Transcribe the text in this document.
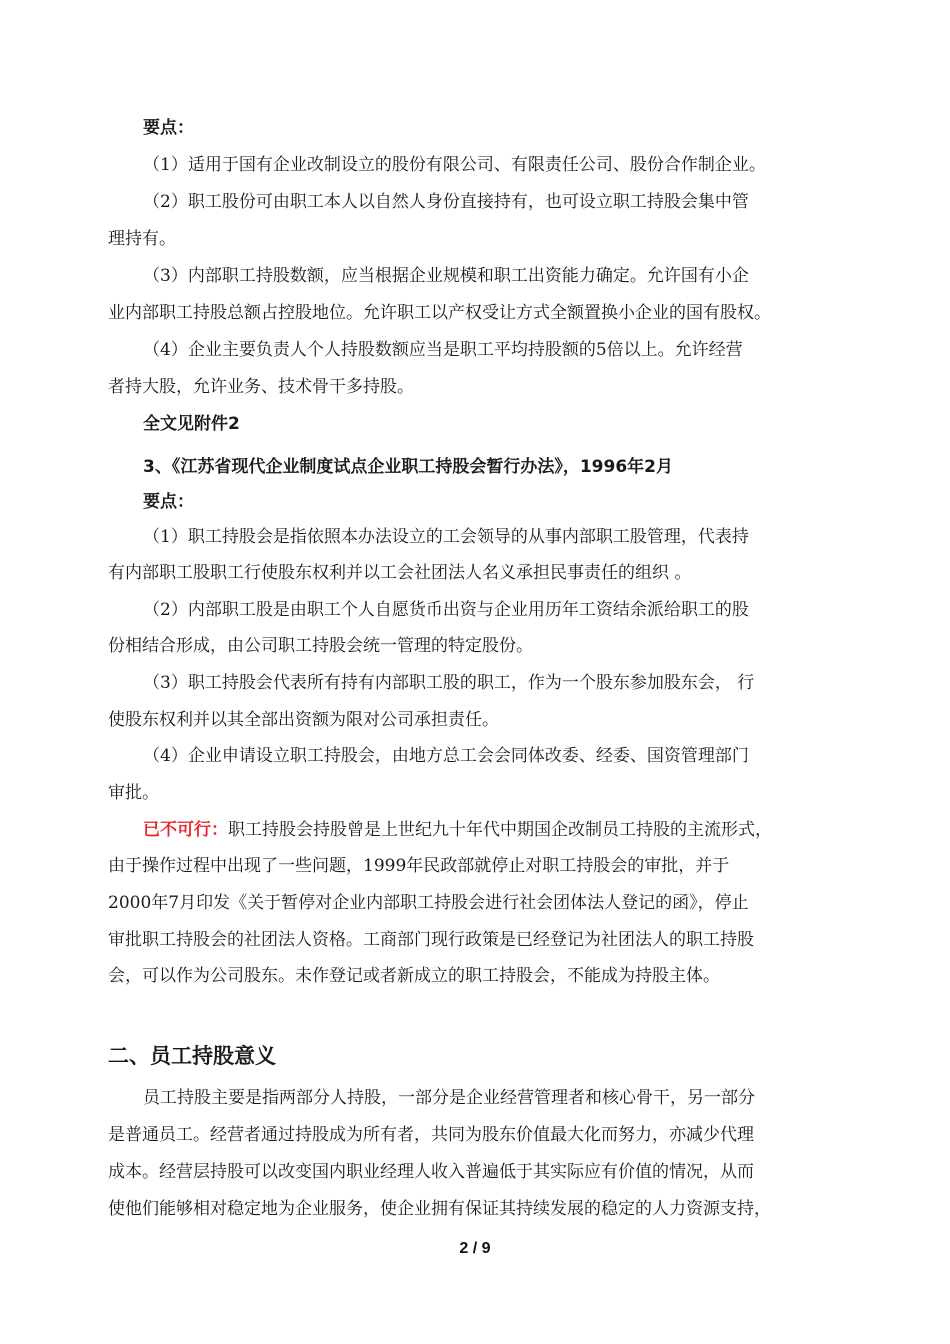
要点：
（1）适用于国有企业改制设立的股份有限公司、有限责任公司、股份合作制企业。
（2）职工股份可由职工本人以自然人身份直接持有，也可设立职工持股会集中管
理持有。
（3）内部职工持股数额，应当根据企业规模和职工出资能力确定。允许国有小企
业内部职工持股总额占控股地位。允许职工以产权受让方式全额置换小企业的国有股权。
（4）企业主要负责人个人持股数额应当是职工平均持股额的5倍以上。允许经营
者持大股，允许业务、技术骨干多持股。
全文见附件2
3、《江苏省现代企业制度试点企业职工持股会暂行办法》，1996年2月
要点：
（1）职工持股会是指依照本办法设立的工会领导的从事内部职工股管理，代表持
有内部职工股职工行使股东权利并以工会社团法人名义承担民事责任的组织 。
（2）内部职工股是由职工个人自愿货币出资与企业用历年工资结余派给职工的股
份相结合形成，由公司职工持股会统一管理的特定股份。
（3）职工持股会代表所有持有内部职工股的职工，作为一个股东参加股东会， 行
使股东权利并以其全部出资额为限对公司承担责任。
（4）企业申请设立职工持股会，由地方总工会会同体改委、经委、国资管理部门
审批。
已不可行：职工持股会持股曾是上世纪九十年代中期国企改制员工持股的主流形式，
由于操作过程中出现了一些问题，1999年民政部就停止对职工持股会的审批，并于
2000年7月印发《关于暂停对企业内部职工持股会进行社会团体法人登记的函》，停止
审批职工持股会的社团法人资格。工商部门现行政策是已经登记为社团法人的职工持股
会，可以作为公司股东。未作登记或者新成立的职工持股会，不能成为持股主体。
二、员工持股意义
员工持股主要是指两部分人持股，一部分是企业经营管理者和核心骨干，另一部分
是普通员工。经营者通过持股成为所有者，共同为股东价值最大化而努力，亦减少代理
成本。经营层持股可以改变国内职业经理人收入普遍低于其实际应有价值的情况，从而
使他们能够相对稳定地为企业服务，使企业拥有保证其持续发展的稳定的人力资源支持，
2 / 9
